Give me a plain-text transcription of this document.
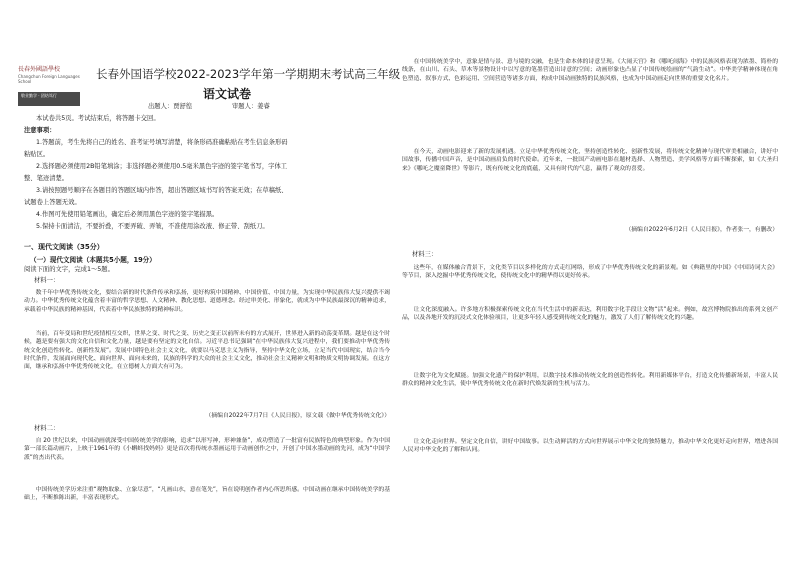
長春外國語學校
Changchun Foreign Languages School
敬业勤学 · 团结笃行
长春外国语学校2022-2023学年第一学期期末考试高三年级
语文试卷
出题人：贾舒徨	审题人：姜睿
本试卷共5页。考试结束后，将答题卡交回。
注意事项：
1.答题前，考生先将自己的姓名、准考证号填写清楚，将条形码准确粘贴在考生信息条形码
粘贴区。
2.选择题必须使用2B铅笔填涂；非选择题必须使用0.5毫米黑色字迹的签字笔书写，字体工
整、笔迹清楚。
3.请按照题号顺序在各题目的答题区域内作答，超出答题区域书写的答案无效；在草稿纸、
试题卷上答题无效。
4.作图可先使用铅笔画出，确定后必须用黑色字迹的签字笔描黑。
5.保持卡面清洁，不要折叠，不要弄破、弄皱，不准使用涂改液、修正带、刮纸刀。
一、现代文阅读（35分）
（一）现代文阅读（本题共5小题，19分）
阅读下面的文字，完成1～5题。
材料一：
数千年中华优秀传统文化，要结合新的时代条件传承和弘扬，更好构筑中国精神、中国价值、中国力量，为实现中华民族伟大复兴提供不竭动力。中华优秀传统文化蕴含着丰富的哲学思想、人文精神、教化思想、道德理念。经过审美化、形象化，就成为中华民族最深沉的精神追求，承载着中华民族的精神基因，代表着中华民族独特的精神标识。
当前，百年变局和世纪疫情相互交织，世界之变、时代之变、历史之变正以前所未有的方式展开，世界进入新的动荡变革期。越是在这个时候，越是要有强大的文化自信和文化力量，越是要有坚定的文化自信。习近平总书记强调“在中华民族伟大复兴进程中，我们要推动中华优秀传统文化创造性转化、创新性发展”。发展中国特色社会主义文化，就要以马克思主义为指导，坚持中华文化立场，立足当代中国现实，结合当今时代条件，发展面向现代化、面向世界、面向未来的，民族的科学的大众的社会主义文化，推动社会主义精神文明和物质文明协调发展。在这方面，继承和弘扬中华优秀传统文化，在立德树人方面大有可为。
（摘编自2022年7月7日《人民日报》，原文载《做中华优秀传统文化》）
材料二：
自 20 世纪以来，中国动画就深受中国传统美学的影响，追求“以形写神，形神兼备”，成功塑造了一批富有民族特色的典型形象。作为中国第一部长篇动画片，上映于1961年的《小蝌蚪找妈妈》更是首次将传统水墨画运用于动画创作之中，开创了中国水墨动画的先河，成为“中国学派”的杰出代表。
中国传统美学历来注重“观物取象、立象尽意”，“凡画山水，意在笔先”，旨在说明创作者内心所思所感。中国动画在继承中国传统美学的基础上，不断推陈出新，丰富表现形式。
在中国传统美学中，意象是情与景、意与境的交融，也是生命本体的诗意呈现。《大闹天宫》和《哪吒闹海》中的民族风格表现为浓墨、简朴的线条，在山川、石头、草木等景物设计中以写意的笔墨营造出诗意的空间；动画形象也凸显了中国传统绘画的“气韵生动”。中华美学精神体现在角色塑造、叙事方式、色彩运用、空间营造等诸多方面，构成中国动画独特的民族风格，也成为中国动画走向世界的重要文化名片。
在今天，动画电影迎来了新的发展机遇。立足中华优秀传统文化，坚持创造性转化、创新性发展，将传统文化精神与现代审美相融合，讲好中国故事，传播中国声音，是中国动画肩负的时代使命。近年来，一批国产动画电影在题材选择、人物塑造、美学风格等方面不断探索，如《大圣归来》《哪吒之魔童降世》等影片，既有传统文化的底蕴，又具有时代的气息，赢得了观众的喜爱。
（摘编自2022年6月2日《人民日报》，作者张一，有删改）
材料三：
这些年，在媒体融合背景下，文化类节目以多样化的方式走红网络，形成了中华优秀传统文化的新景观。如《典籍里的中国》《中国诗词大会》等节目，深入挖掘中华优秀传统文化，使传统文化中的精华得以更好传承。
让文化深度融入。许多地方积极探索传统文化在当代生活中的新表达，利用数字化手段让文物“活”起来。例如，故宫博物院推出的系列文创产品，以及各地开发的沉浸式文化体验项目，让更多年轻人感受到传统文化的魅力，激发了人们了解传统文化的兴趣。
让数字化为文化赋能。加强文化遗产的保护利用，以数字技术推动传统文化的创造性转化。利用新媒体平台，打造文化传播新场景，丰富人民群众的精神文化生活，使中华优秀传统文化在新时代焕发新的生机与活力。
让文化走向世界。坚定文化自信，讲好中国故事。以生动鲜活的方式向世界展示中华文化的独特魅力，推动中华文化更好走向世界，增进各国人民对中华文化的了解和认同。
